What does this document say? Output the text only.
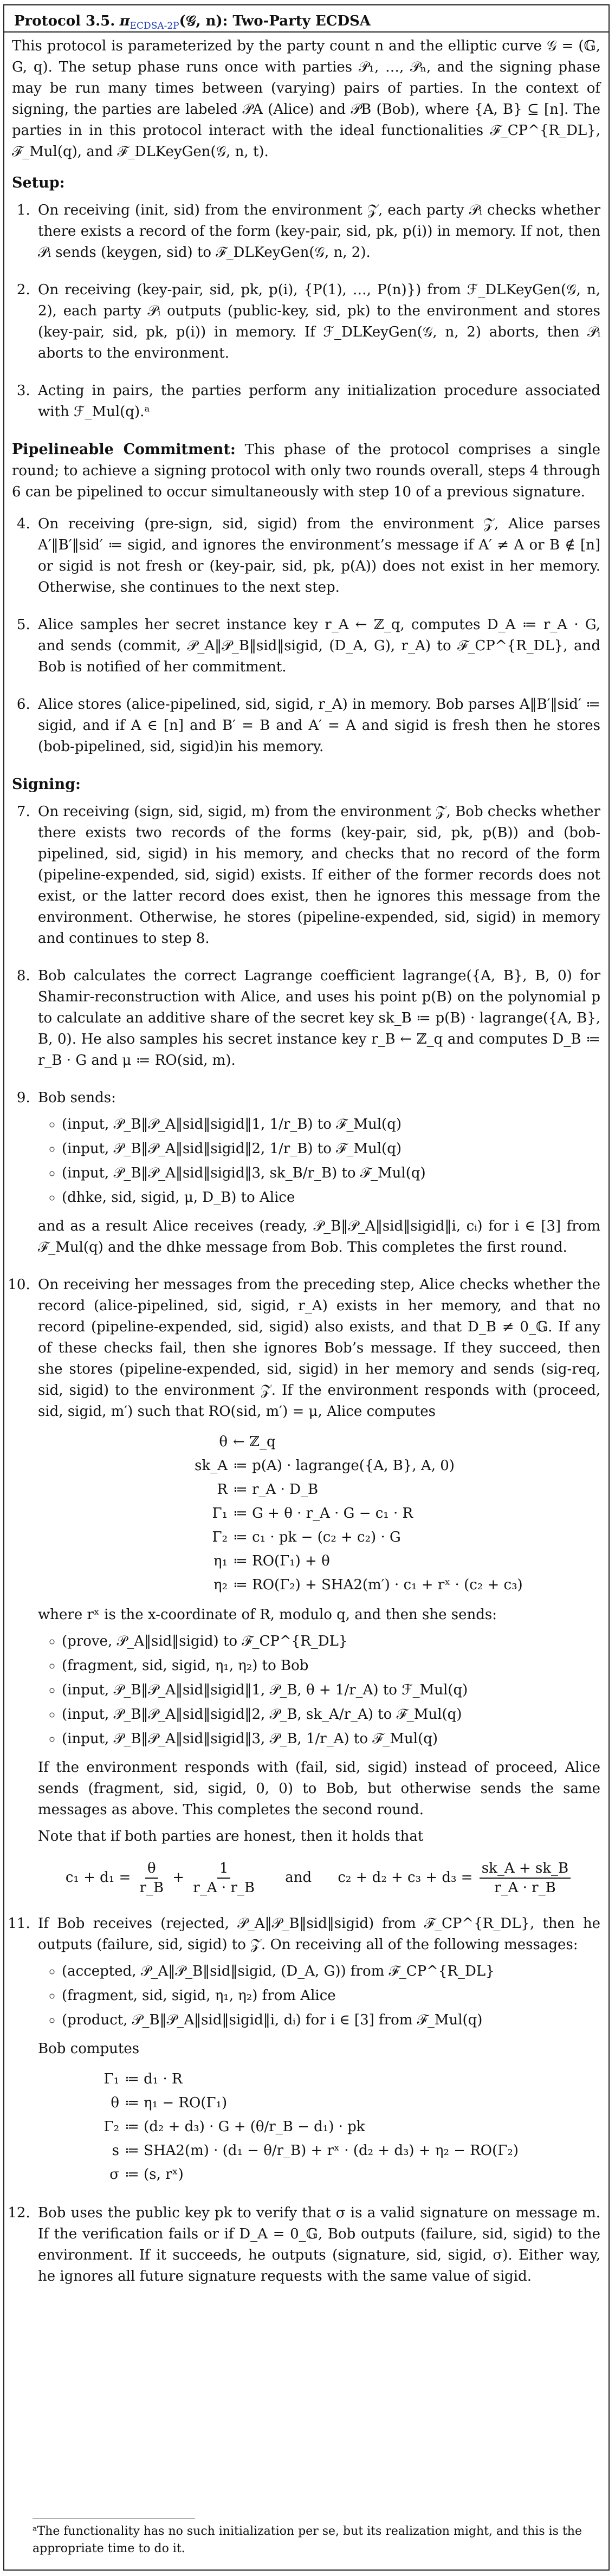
Protocol 3.5. $\pi_{ECDSA-2P}(𝒢$, n): Two-Party ECDSA

This protocol is parameterized by the party count n and the elliptic curve 𝒢 = (𝔾, G, q). The setup phase runs once with parties 𝒫₁, …, 𝒫ₙ, and the signing phase may be run many times between (varying) pairs of parties. In the context of signing, the parties are labeled 𝒫A (Alice) and 𝒫B (Bob), where {A, B} ⊆ [n]. The parties in in this protocol interact with the ideal functionalities ℱ_CP^{R_DL}, ℱ_Mul(q), and ℱ_DLKeyGen(𝒢, n, t).

Setup:
1. On receiving (init, sid) from the environment 𝒵, each party 𝒫ᵢ checks whether there exists a record of the form (key-pair, sid, pk, p(i)) in memory. If not, then 𝒫ᵢ sends (keygen, sid) to ℱ_DLKeyGen(𝒢, n, 2).
2. On receiving (key-pair, sid, pk, p(i), {P(1), …, P(n)}) from ℱ_DLKeyGen(𝒢, n, 2), each party 𝒫ᵢ outputs (public-key, sid, pk) to the environment and stores (key-pair, sid, pk, p(i)) in memory. If ℱ_DLKeyGen(𝒢, n, 2) aborts, then 𝒫ᵢ aborts to the environment.
3. Acting in pairs, the parties perform any initialization procedure associated with ℱ_Mul(q).ᵃ

Pipelineable Commitment: This phase of the protocol comprises a single round; to achieve a signing protocol with only two rounds overall, steps 4 through 6 can be pipelined to occur simultaneously with step 10 of a previous signature.

4. On receiving (pre-sign, sid, sigid) from the environment 𝒵, Alice parses A′‖B′‖sid′ ≔ sigid, and ignores the environment’s message if A′ ≠ A or B ∉ [n] or sigid is not fresh or (key-pair, sid, pk, p(A)) does not exist in her memory. Otherwise, she continues to the next step.
5. Alice samples her secret instance key r_A ← ℤ_q, computes D_A ≔ r_A · G, and sends (commit, 𝒫_A‖𝒫_B‖sid‖sigid, (D_A, G), r_A) to ℱ_CP^{R_DL}, and Bob is notified of her commitment.
6. Alice stores (alice-pipelined, sid, sigid, r_A) in memory. Bob parses A‖B′‖sid′ ≔ sigid, and if A ∈ [n] and B′ = B and A′ = A and sigid is fresh then he stores (bob-pipelined, sid, sigid)in his memory.
Signing:
7. On receiving (sign, sid, sigid, m) from the environment 𝒵, Bob checks whether there exists two records of the forms (key-pair, sid, pk, p(B)) and (bob-pipelined, sid, sigid) in his memory, and checks that no record of the form (pipeline-expended, sid, sigid) exists. If either of the former records does not exist, or the latter record does exist, then he ignores this message from the environment. Otherwise, he stores (pipeline-expended, sid, sigid) in memory and continues to step 8.
8. Bob calculates the correct Lagrange coefficient lagrange({A, B}, B, 0) for Shamir-reconstruction with Alice, and uses his point p(B) on the polynomial p to calculate an additive share of the secret key sk_B ≔ p(B) · lagrange({A, B}, B, 0). He also samples his secret instance key r_B ← ℤ_q and computes D_B ≔ r_B · G and μ ≔ RO(sid, m).
9. Bob sends:
◦ (input, 𝒫_B‖𝒫_A‖sid‖sigid‖1, 1/r_B) to ℱ_Mul(q)
◦ (input, 𝒫_B‖𝒫_A‖sid‖sigid‖2, 1/r_B) to ℱ_Mul(q)
◦ (input, 𝒫_B‖𝒫_A‖sid‖sigid‖3, sk_B/r_B) to ℱ_Mul(q)
◦ (dhke, sid, sigid, μ, D_B) to Alice
and as a result Alice receives (ready, 𝒫_B‖𝒫_A‖sid‖sigid‖i, cᵢ) for i ∈ [3] from ℱ_Mul(q) and the dhke message from Bob. This completes the first round.
10. On receiving her messages from the preceding step, Alice checks whether the record (alice-pipelined, sid, sigid, r_A) exists in her memory, and that no record (pipeline-expended, sid, sigid) also exists, and that D_B ≠ 0_𝔾. If any of these checks fail, then she ignores Bob’s message. If they succeed, then she stores (pipeline-expended, sid, sigid) in her memory and sends (sig-req, sid, sigid) to the environment 𝒵. If the environment responds with (proceed, sid, sigid, m′) such that RO(sid, m′) = μ, Alice computes
θ ← ℤ_q
sk_A ≔ p(A) · lagrange({A, B}, A, 0)
R ≔ r_A · D_B
Γ₁ ≔ G + θ · r_A · G − c₁ · R
Γ₂ ≔ c₁ · pk − (c₂ + c₂) · G
η₁ ≔ RO(Γ₁) + θ
η₂ ≔ RO(Γ₂) + SHA2(m′) · c₁ + rˣ · (c₂ + c₃)
where rˣ is the x-coordinate of R, modulo q, and then she sends:
◦ (prove, 𝒫_A‖sid‖sigid) to ℱ_CP^{R_DL}
◦ (fragment, sid, sigid, η₁, η₂) to Bob
◦ (input, 𝒫_B‖𝒫_A‖sid‖sigid‖1, 𝒫_B, θ + 1/r_A) to ℱ_Mul(q)
◦ (input, 𝒫_B‖𝒫_A‖sid‖sigid‖2, 𝒫_B, sk_A/r_A) to ℱ_Mul(q)
◦ (input, 𝒫_B‖𝒫_A‖sid‖sigid‖3, 𝒫_B, 1/r_A) to ℱ_Mul(q)
If the environment responds with (fail, sid, sigid) instead of proceed, Alice sends (fragment, sid, sigid, 0, 0) to Bob, but otherwise sends the same messages as above. This completes the second round.
Note that if both parties are honest, then it holds that
$c_1 + d_1 = \frac{\theta}{r\_B} + \frac{1}{r\_A \cdot r\_B}$ and $c_2 + d_2 + c_3 + d_3 = \frac{sk\_A + sk\_B}{r\_A \cdot r\_B}$
11. If Bob receives (rejected, 𝒫_A‖𝒫_B‖sid‖sigid) from ℱ_CP^{R_DL}, then he outputs (failure, sid, sigid) to 𝒵. On receiving all of the following messages:
◦ (accepted, 𝒫_A‖𝒫_B‖sid‖sigid, (D_A, G)) from ℱ_CP^{R_DL}
◦ (fragment, sid, sigid, η₁, η₂) from Alice
◦ (product, 𝒫_B‖𝒫_A‖sid‖sigid‖i, dᵢ) for i ∈ [3] from ℱ_Mul(q)
Bob computes
Γ₁ ≔ d₁ · R
θ ≔ η₁ − RO(Γ₁)
Γ₂ ≔ (d₂ + d₃) · G + (θ/r_B − d₁) · pk
s ≔ SHA2(m) · (d₁ − θ/r_B) + rˣ · (d₂ + d₃) + η₂ − RO(Γ₂)
σ ≔ (s, rˣ)
12. Bob uses the public key pk to verify that σ is a valid signature on message m. If the verification fails or if D_A = 0_𝔾, Bob outputs (failure, sid, sigid) to the environment. If it succeeds, he outputs (signature, sid, sigid, σ). Either way, he ignores all future signature requests with the same value of sigid.
ᵃThe functionality has no such initialization per se, but its realization might, and this is the appropriate time to do it.
